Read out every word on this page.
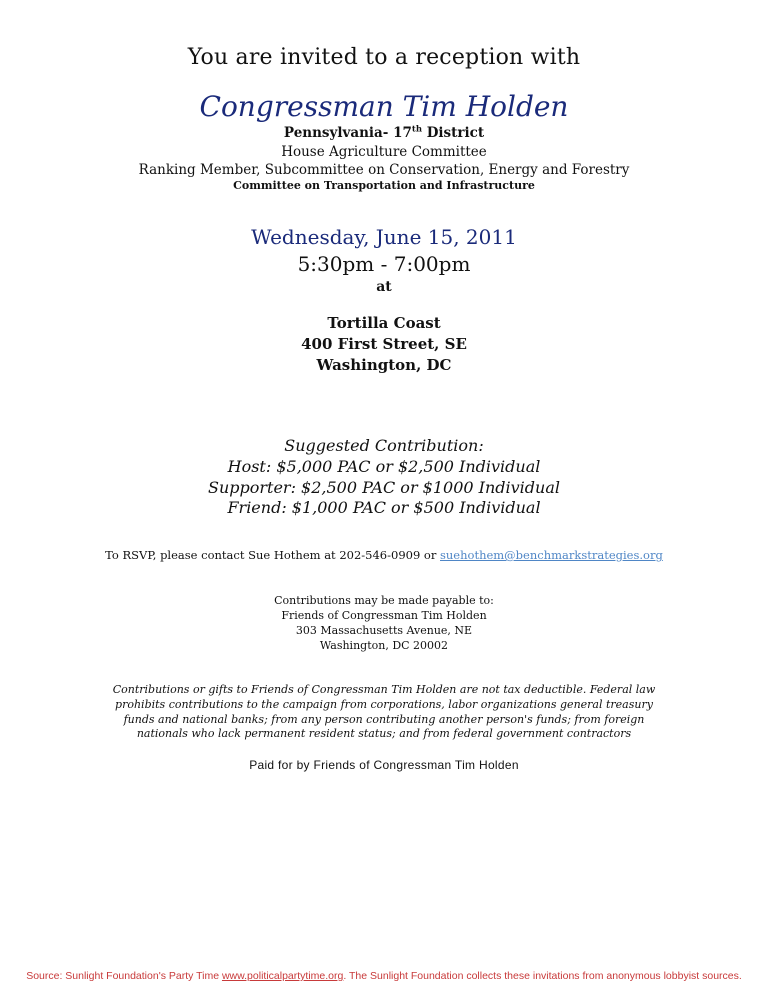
You are invited to a reception with
Congressman Tim Holden
Pennsylvania- 17th District
House Agriculture Committee
Ranking Member, Subcommittee on Conservation, Energy and Forestry
Committee on Transportation and Infrastructure
Wednesday, June 15, 2011
5:30pm - 7:00pm
at
Tortilla Coast
400 First Street, SE
Washington, DC
Suggested Contribution:
Host: $5,000 PAC or $2,500 Individual
Supporter: $2,500 PAC or $1000 Individual
Friend: $1,000 PAC or $500 Individual
To RSVP, please contact Sue Hothem at 202-546-0909 or suehothem@benchmarkstrategies.org
Contributions may be made payable to:
Friends of Congressman Tim Holden
303 Massachusetts Avenue, NE
Washington, DC 20002
Contributions or gifts to Friends of Congressman Tim Holden are not tax deductible. Federal law prohibits contributions to the campaign from corporations, labor organizations general treasury funds and national banks; from any person contributing another person's funds; from foreign nationals who lack permanent resident status; and from federal government contractors
Paid for by Friends of Congressman Tim Holden
Source: Sunlight Foundation's Party Time www.politicalpartytime.org. The Sunlight Foundation collects these invitations from anonymous lobbyist sources.
